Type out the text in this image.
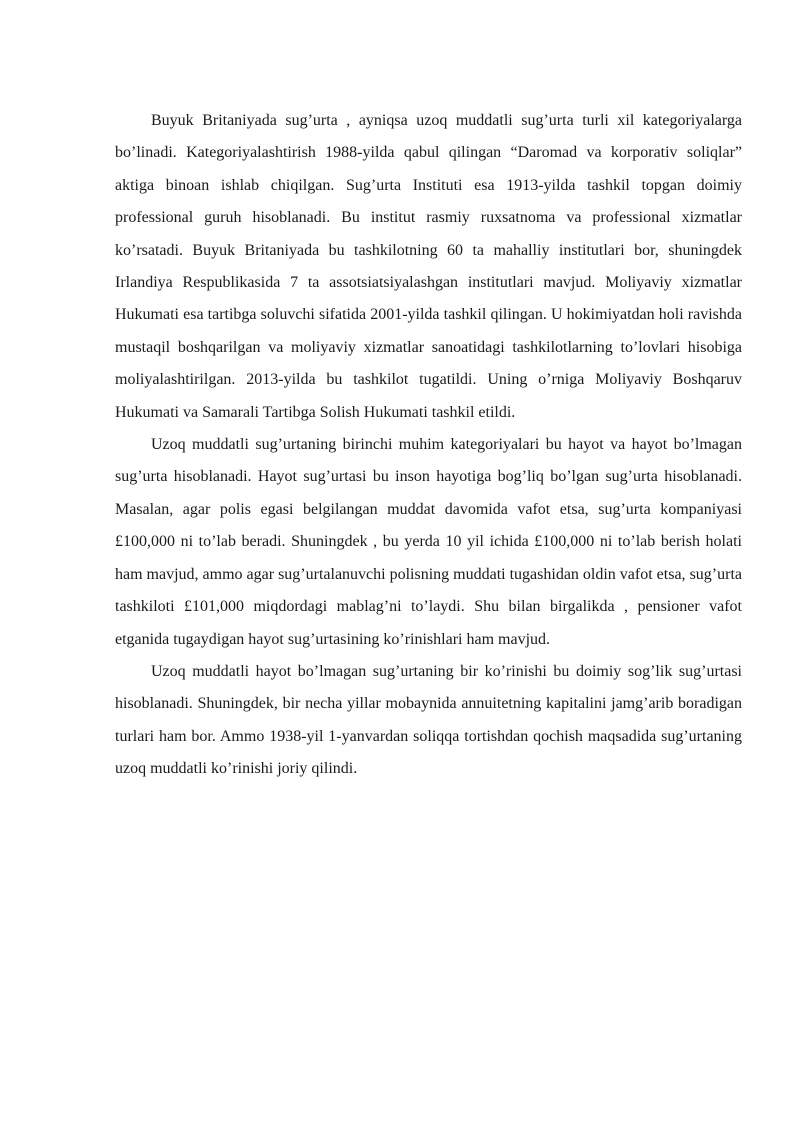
Buyuk Britaniyada sug’urta , ayniqsa uzoq muddatli sug’urta turli xil kategoriyalarga bo’linadi. Kategoriyalashtirish 1988-yilda qabul qilingan “Daromad va korporativ soliqlar” aktiga binoan ishlab chiqilgan. Sug’urta Instituti esa 1913-yilda tashkil topgan doimiy professional guruh hisoblanadi. Bu institut rasmiy ruxsatnoma va professional xizmatlar ko’rsatadi. Buyuk Britaniyada bu tashkilotning 60 ta mahalliy institutlari bor, shuningdek Irlandiya Respublikasida 7 ta assotsiatsiyalashgan institutlari mavjud. Moliyaviy xizmatlar Hukumati esa tartibga soluvchi sifatida 2001-yilda tashkil qilingan. U hokimiyatdan holi ravishda mustaqil boshqarilgan va moliyaviy xizmatlar sanoatidagi tashkilotlarning to’lovlari hisobiga moliyalashtirilgan. 2013-yilda bu tashkilot tugatildi. Uning o’rniga Moliyaviy Boshqaruv Hukumati va Samarali Tartibga Solish Hukumati tashkil etildi.

Uzoq muddatli sug’urtaning birinchi muhim kategoriyalari bu hayot va hayot bo’lmagan sug’urta hisoblanadi. Hayot sug’urtasi bu inson hayotiga bog’liq bo’lgan sug’urta hisoblanadi. Masalan, agar polis egasi belgilangan muddat davomida vafot etsa, sug’urta kompaniyasi £100,000 ni to’lab beradi. Shuningdek , bu yerda 10 yil ichida £100,000 ni to’lab berish holati ham mavjud, ammo agar sug’urtalanuvchi polisning muddati tugashidan oldin vafot etsa, sug’urta tashkiloti £101,000 miqdordagi mablag’ni to’laydi. Shu bilan birgalikda , pensioner vafot etganida tugaydigan hayot sug’urtasining ko’rinishlari ham mavjud.

Uzoq muddatli hayot bo’lmagan sug’urtaning bir ko’rinishi bu doimiy sog’lik sug’urtasi hisoblanadi. Shuningdek, bir necha yillar mobaynida annuitetning kapitalini jamg’arib boradigan turlari ham bor. Ammo 1938-yil 1-yanvardan soliqqa tortishdan qochish maqsadida sug’urtaning uzoq muddatli ko’rinishi joriy qilindi.
